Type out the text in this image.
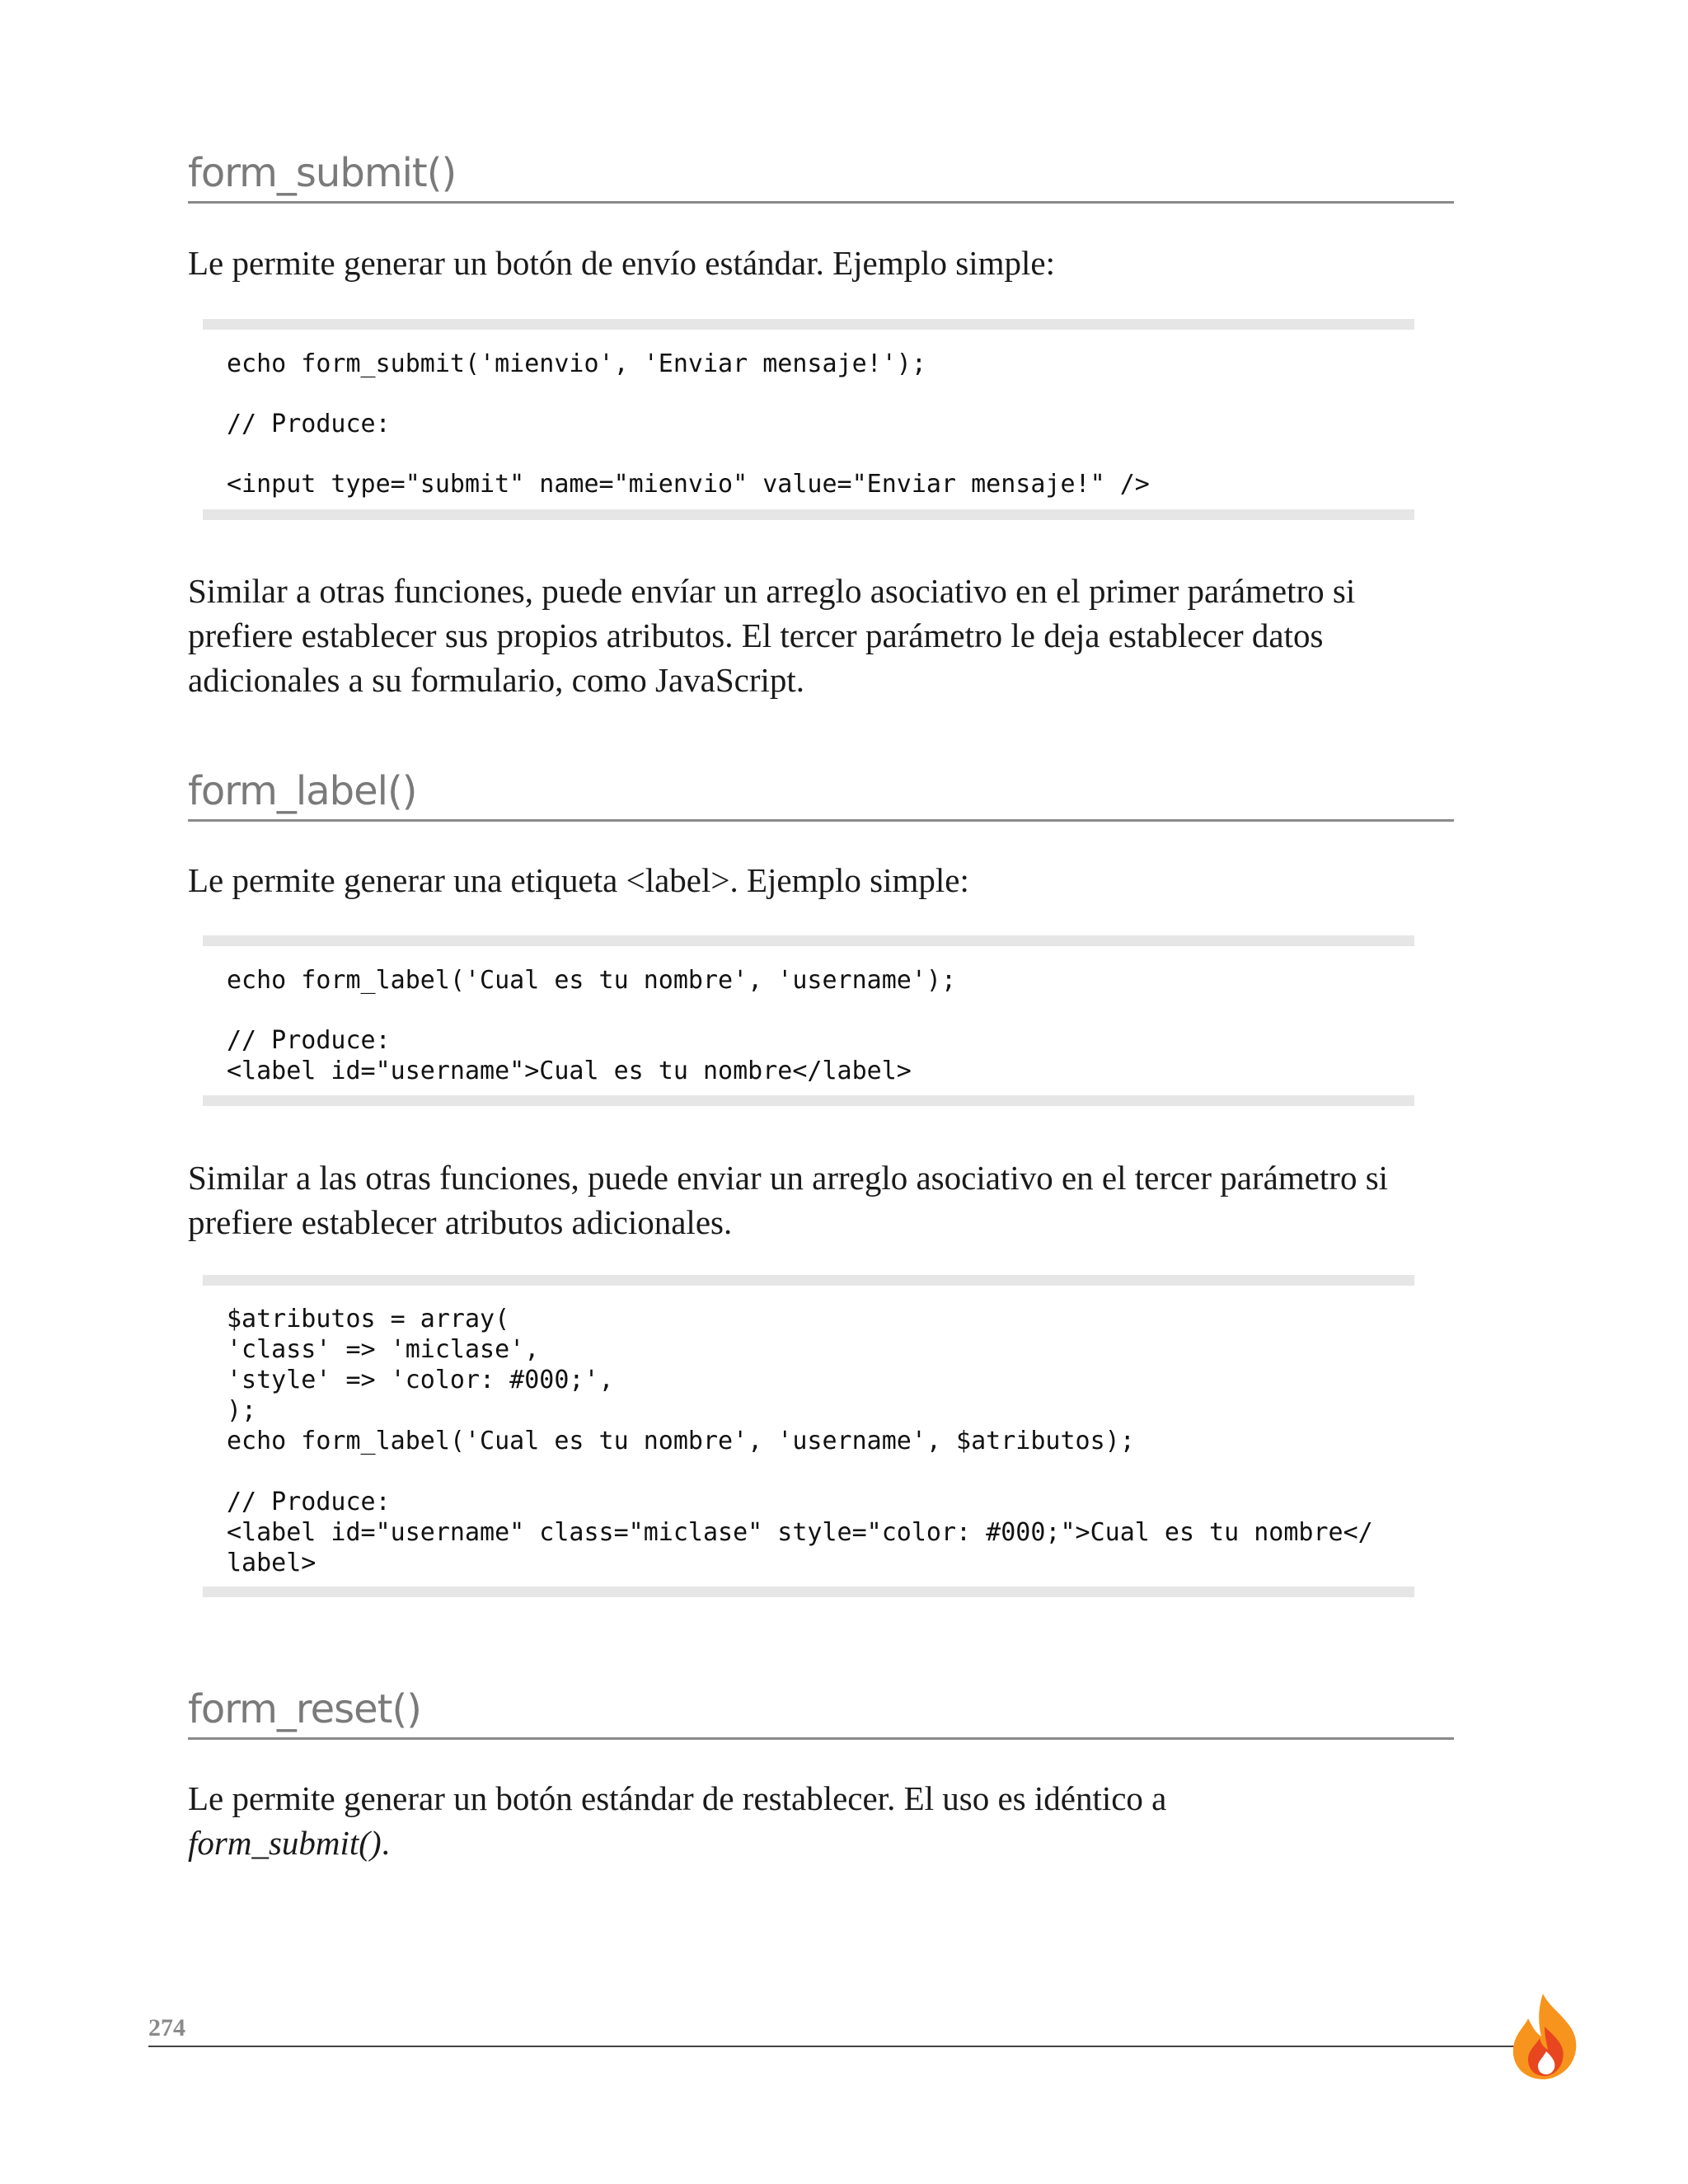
form_submit()

Le permite generar un botón de envío estándar. Ejemplo simple:

echo form_submit('mienvio', 'Enviar mensaje!');
// Produce:
<input type="submit" name="mienvio" value="Enviar mensaje!" />

Similar a otras funciones, puede envíar un arreglo asociativo en el primer parámetro si prefiere establecer sus propios atributos. El tercer parámetro le deja establecer datos adicionales a su formulario, como JavaScript.

form_label()

Le permite generar una etiqueta <label>. Ejemplo simple:

echo form_label('Cual es tu nombre', 'username');
// Produce:
<label id="username">Cual es tu nombre</label>

Similar a las otras funciones, puede enviar un arreglo asociativo en el tercer parámetro si prefiere establecer atributos adicionales.

$atributos = array(
'class' => 'miclase',
'style' => 'color: #000;',
);
echo form_label('Cual es tu nombre', 'username', $atributos);
// Produce:
<label id="username" class="miclase" style="color: #000;">Cual es tu nombre</
label>
form_reset()

Le permite generar un botón estándar de restablecer. El uso es idéntico a
form_submit().

274
